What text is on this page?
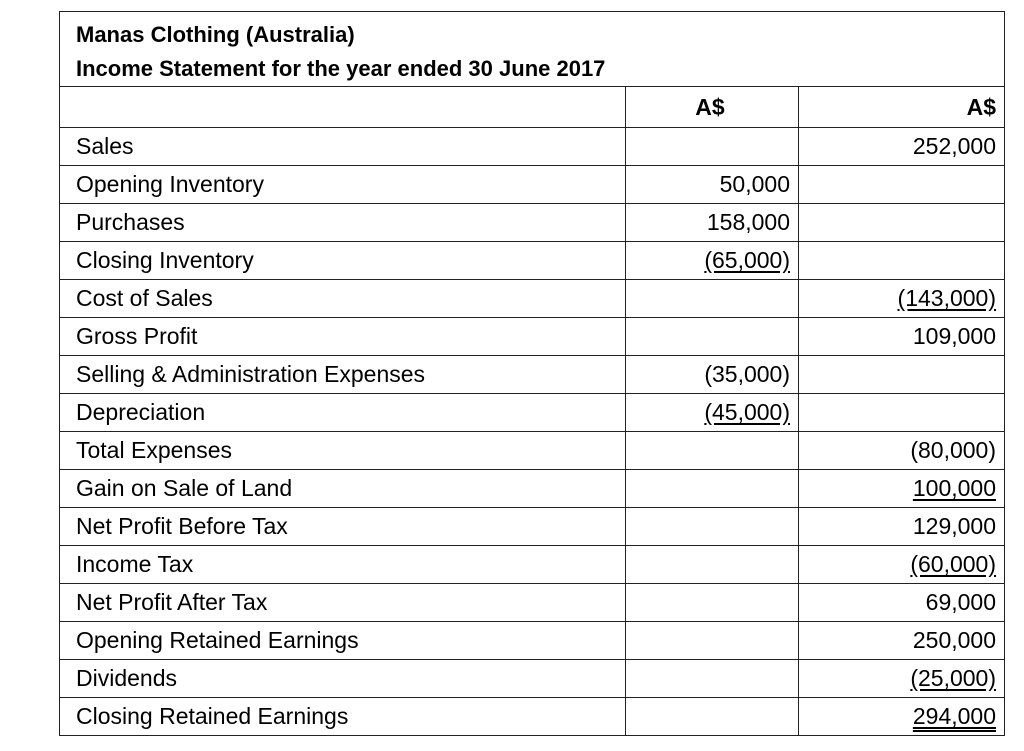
Manas Clothing (Australia)
Income Statement for the year ended 30 June 2017		

	A$	A$
Sales		252,000
Opening Inventory	50,000	
Purchases	158,000	
Closing Inventory	(65,000)	
Cost of Sales		(143,000)
Gross Profit		109,000
Selling & Administration Expenses	(35,000)	
Depreciation	(45,000)	
Total Expenses		(80,000)
Gain on Sale of Land		100,000
Net Profit Before Tax		129,000
Income Tax		(60,000)
Net Profit After Tax		69,000
Opening Retained Earnings		250,000
Dividends		(25,000)
Closing Retained Earnings		294,000
